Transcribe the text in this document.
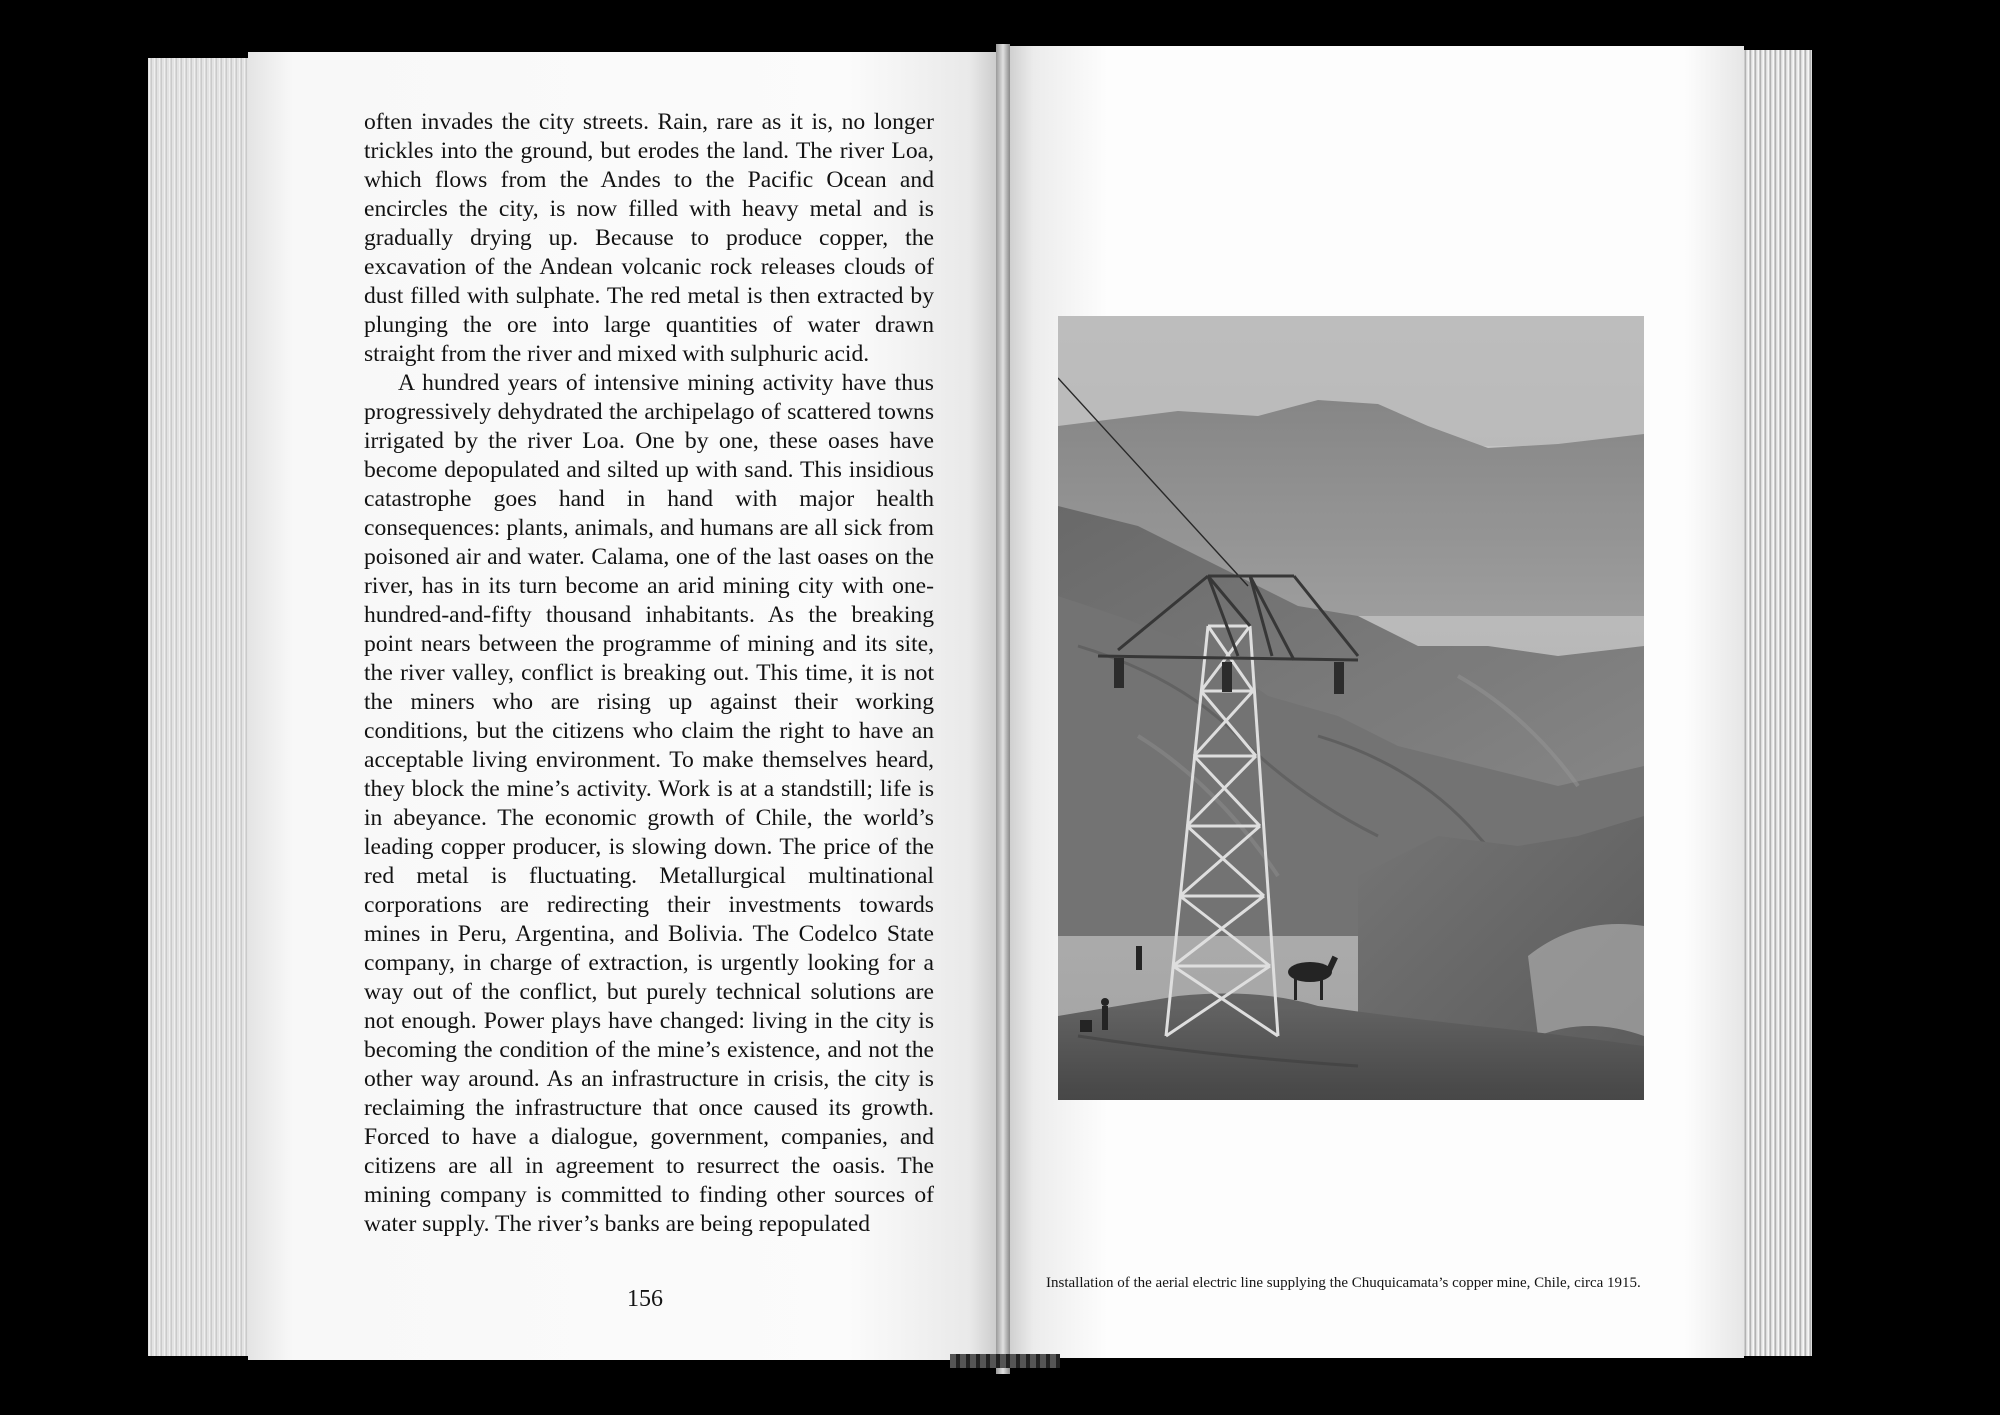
often invades the city streets. Rain, rare as it is, no longer trickles into the ground, but erodes the land. The river Loa, which flows from the Andes to the Pacific Ocean and encircles the city, is now filled with heavy metal and is gradually drying up. Because to produce copper, the excavation of the Andean volcanic rock releases clouds of dust filled with sulphate. The red metal is then extracted by plunging the ore into large quantities of water drawn straight from the river and mixed with sulphuric acid.

A hundred years of intensive mining activity have thus progressively dehydrated the archipelago of scattered towns irrigated by the river Loa. One by one, these oases have become depopulated and silted up with sand. This insidious catastrophe goes hand in hand with major health consequences: plants, animals, and humans are all sick from poisoned air and water. Calama, one of the last oases on the river, has in its turn become an arid mining city with one-hundred-and-fifty thousand inhabitants. As the breaking point nears between the programme of mining and its site, the river valley, conflict is breaking out. This time, it is not the miners who are rising up against their working conditions, but the citizens who claim the right to have an acceptable living environment. To make themselves heard, they block the mine’s activity. Work is at a standstill; life is in abeyance. The economic growth of Chile, the world’s leading copper producer, is slowing down. The price of the red metal is fluctuating. Metallurgical multinational corporations are redirecting their investments towards mines in Peru, Argentina, and Bolivia. The Codelco State company, in charge of extraction, is urgently looking for a way out of the conflict, but purely technical solutions are not enough. Power plays have changed: living in the city is becoming the condition of the mine’s existence, and not the other way around. As an infrastructure in crisis, the city is reclaiming the infrastructure that once caused its growth. Forced to have a dialogue, government, companies, and citizens are all in agreement to resurrect the oasis. The mining company is committed to finding other sources of water supply. The river’s banks are being repopulated

156
Installation of the aerial electric line supplying the Chuquicamata’s copper mine, Chile, circa 1915.
